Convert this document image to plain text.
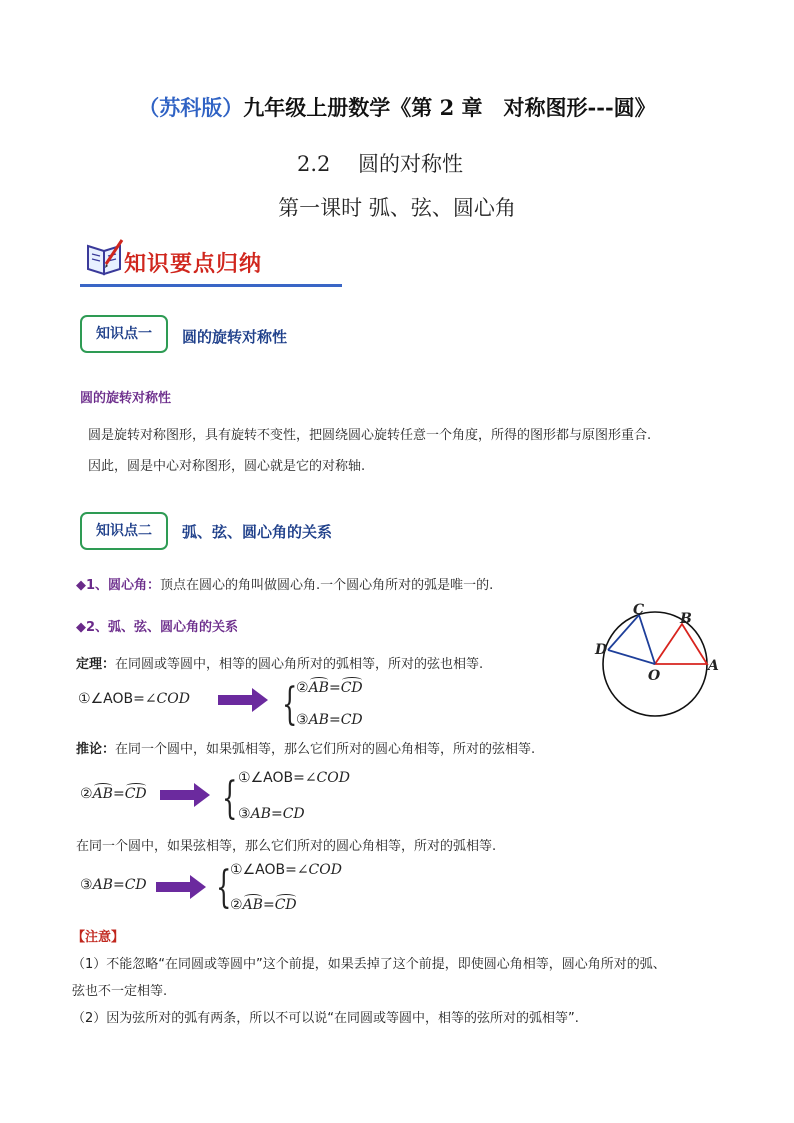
（苏科版）九年级上册数学《第 2 章　对称图形---圆》
2.2　 圆的对称性
第一课时 弧、弦、圆心角
知识要点归纳
知识点一	圆的旋转对称性
圆的旋转对称性
圆是旋转对称图形，具有旋转不变性，把圆绕圆心旋转任意一个角度，所得的图形都与原图形重合.
因此，圆是中心对称图形，圆心就是它的对称轴.
知识点二	弧、弦、圆心角的关系
◆1、圆心角：顶点在圆心的角叫做圆心角.一个圆心角所对的弧是唯一的.
◆2、弧、弦、圆心角的关系
定理：在同圆或等圆中，相等的圆心角所对的弧相等，所对的弦也相等.
①∠AOB=∠COD {
②AB=CD
③AB=CD
C
B
D
A
O
推论：在同一个圆中，如果弧相等，那么它们所对的圆心角相等，所对的弦相等.
②AB=CD { ①∠AOB=∠COD
③AB=CD
在同一个圆中，如果弦相等，那么它们所对的圆心角相等，所对的弧相等.
③AB=CD {
①∠AOB=∠COD
②AB=CD
【注意】
（1）不能忽略“在同圆或等圆中”这个前提，如果丢掉了这个前提，即使圆心角相等，圆心角所对的弧、
弦也不一定相等.
（2）因为弦所对的弧有两条，所以不可以说“在同圆或等圆中，相等的弦所对的弧相等”.
